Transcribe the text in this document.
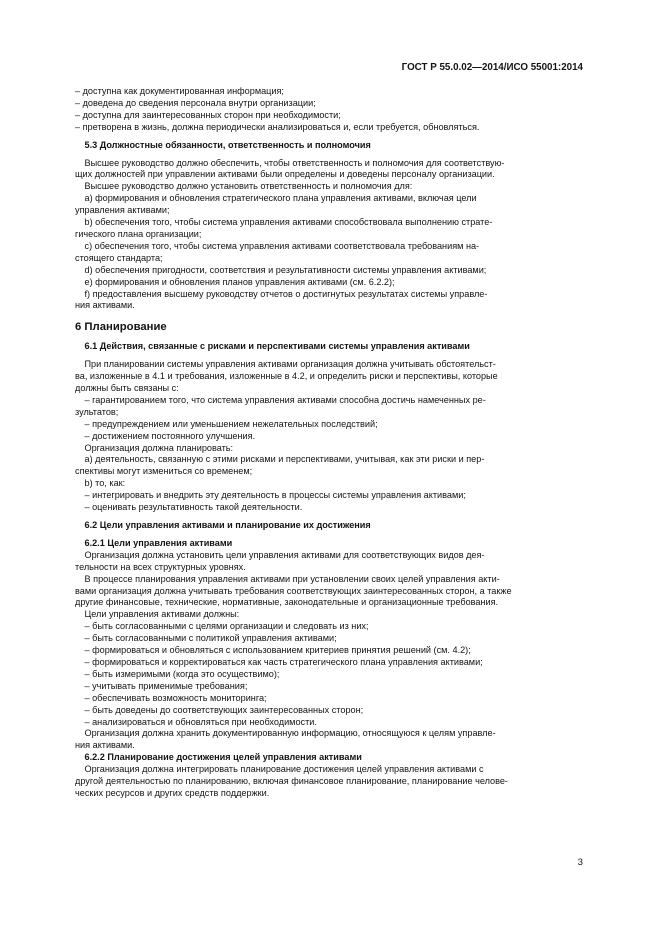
ГОСТ Р 55.0.02—2014/ИСО 55001:2014

– доступна как документированная информация;

– доведена до сведения персонала внутри организации;

– доступна для заинтересованных сторон при необходимости;

– претворена в жизнь, должна периодически анализироваться и, если требуется, обновляться.

5.3 Должностные обязанности, ответственность и полномочия

Высшее руководство должно обеспечить, чтобы ответственность и полномочия для соответствую-

щих должностей при управлении активами были определены и доведены персоналу организации.

Высшее руководство должно установить ответственность и полномочия для:

a) формирования и обновления стратегического плана управления активами, включая цели

управления активами;

b) обеспечения того, чтобы система управления активами способствовала выполнению страте-

гического плана организации;

c) обеспечения того, чтобы система управления активами соответствовала требованиям на-

стоящего стандарта;

d) обеспечения пригодности, соответствия и результативности системы управления активами;

e) формирования и обновления планов управления активами (см. 6.2.2);

f) предоставления высшему руководству отчетов о достигнутых результатах системы управле-

ния активами.

6 Планирование

6.1 Действия, связанные с рисками и перспективами системы управления активами

При планировании системы управления активами организация должна учитывать обстоятельст-

ва, изложенные в 4.1 и требования, изложенные в 4.2, и определить риски и перспективы, которые

должны быть связаны с:

– гарантированием того, что система управления активами способна достичь намеченных ре-

зультатов;

– предупреждением или уменьшением нежелательных последствий;

– достижением постоянного улучшения.

Организация должна планировать:

a) деятельность, связанную с этими рисками и перспективами, учитывая, как эти риски и пер-

спективы могут измениться со временем;

b) то, как:

– интегрировать и внедрить эту деятельность в процессы системы управления активами;

– оценивать результативность такой деятельности.

6.2 Цели управления активами и планирование их достижения

6.2.1 Цели управления активами

Организация должна установить цели управления активами для соответствующих видов дея-

тельности на всех структурных уровнях.

В процессе планирования управления активами при установлении своих целей управления акти-

вами организация должна учитывать требования соответствующих заинтересованных сторон, а также

другие финансовые, технические, нормативные, законодательные и организационные требования.

Цели управления активами должны:

– быть согласованными с целями организации и следовать из них;

– быть согласованными с политикой управления активами;

– формироваться и обновляться с использованием критериев принятия решений (см. 4.2);

– формироваться и корректироваться как часть стратегического плана управления активами;

– быть измеримыми (когда это осуществимо);

– учитывать применимые требования;

– обеспечивать возможность мониторинга;

– быть доведены до соответствующих заинтересованных сторон;

– анализироваться и обновляться при необходимости.

Организация должна хранить документированную информацию, относящуюся к целям управле-

ния активами.

6.2.2 Планирование достижения целей управления активами

Организация должна интегрировать планирование достижения целей управления активами с

другой деятельностью по планированию, включая финансовое планирование, планирование челове-

ческих ресурсов и других средств поддержки.

3
